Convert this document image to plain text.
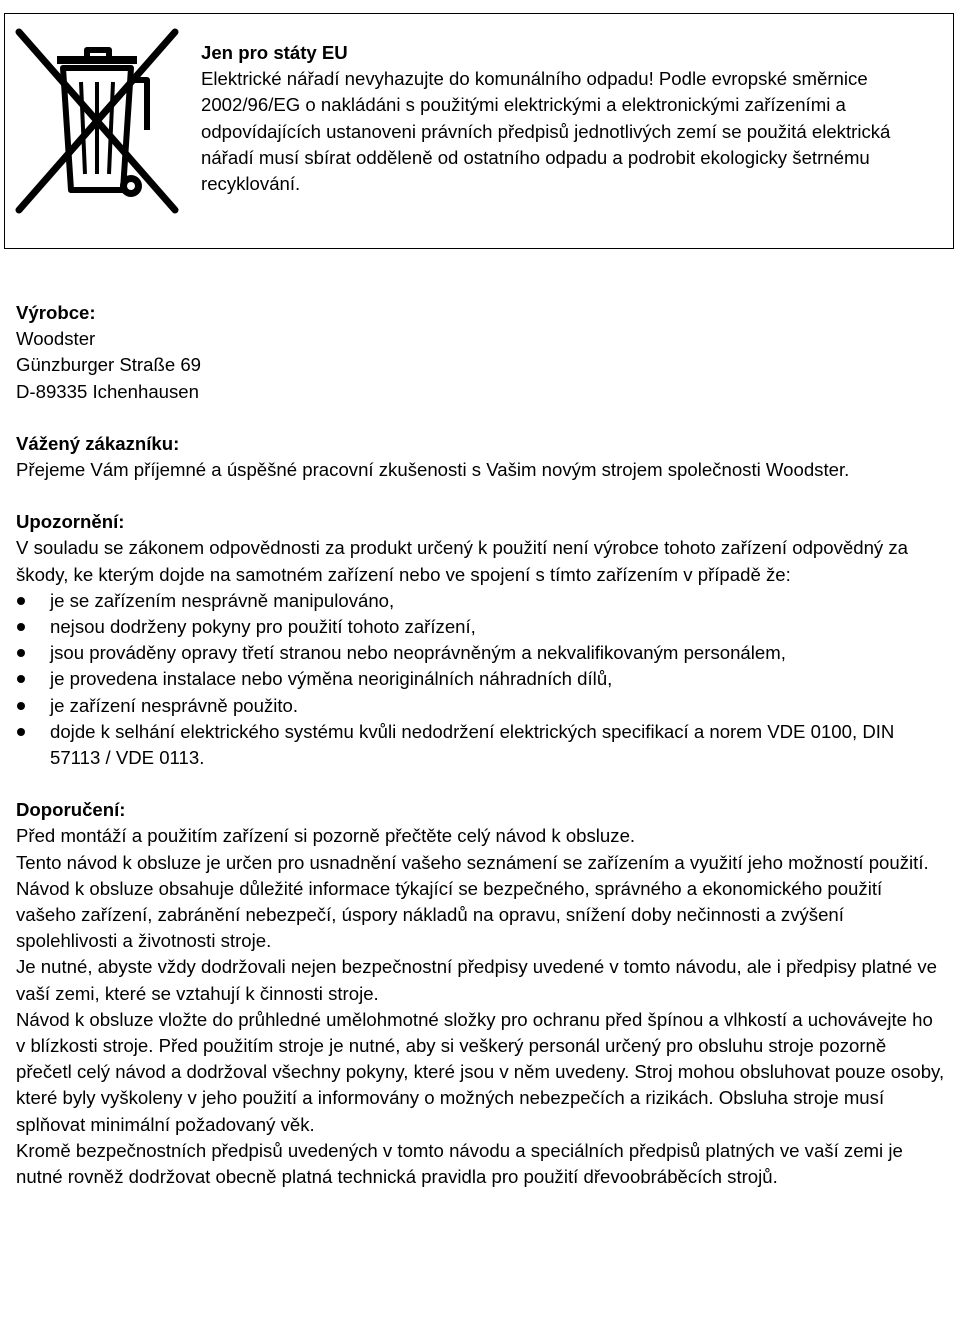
Jen pro státy EU
Elektrické nářadí nevyhazujte do komunálního odpadu! Podle evropské směrnice 2002/96/EG o nakládáni s použitými elektrickými a elektronickými zařízeními a odpovídajících ustanoveni právních předpisů jednotlivých zemí se použitá elektrická nářadí musí sbírat odděleně od ostatního odpadu a podrobit ekologicky šetrnému recyklování.
Výrobce:
Woodster
Günzburger Straße 69
D-89335 Ichenhausen
Vážený zákazníku:

Přejeme Vám příjemné a úspěšné pracovní zkušenosti s Vašim novým strojem společnosti Woodster.

Upozornění:

V souladu se zákonem odpovědnosti za produkt určený k použití není výrobce tohoto zařízení odpovědný za škody, ke kterým dojde na samotném zařízení nebo ve spojení s tímto zařízením v případě že:

je se zařízením nesprávně manipulováno,
nejsou dodrženy pokyny pro použití tohoto zařízení,
jsou prováděny opravy třetí stranou nebo neoprávněným a nekvalifikovaným personálem,
je provedena instalace nebo výměna neoriginálních náhradních dílů,
je zařízení nesprávně použito.
dojde k selhání elektrického systému kvůli nedodržení elektrických specifikací a norem VDE 0100, DIN 57113 / VDE 0113.
Doporučení:

Před montáží a použitím zařízení si pozorně přečtěte celý návod k obsluze.

Tento návod k obsluze je určen pro usnadnění vašeho seznámení se zařízením a využití jeho možností použití.

Návod k obsluze obsahuje důležité informace týkající se bezpečného, správného a ekonomického použití vašeho zařízení, zabránění nebezpečí, úspory nákladů na opravu, snížení doby nečinnosti a zvýšení spolehlivosti a životnosti stroje.

Je nutné, abyste vždy dodržovali nejen bezpečnostní předpisy uvedené v tomto návodu, ale i předpisy platné ve vaší zemi, které se vztahují k činnosti stroje.

Návod k obsluze vložte do průhledné umělohmotné složky pro ochranu před špínou a vlhkostí a uchovávejte ho v blízkosti stroje. Před použitím stroje je nutné, aby si veškerý personál určený pro obsluhu stroje pozorně přečetl celý návod a dodržoval všechny pokyny, které jsou v něm uvedeny. Stroj mohou obsluhovat pouze osoby, které byly vyškoleny v jeho použití a informovány o možných nebezpečích a rizikách. Obsluha stroje musí splňovat minimální požadovaný věk.

Kromě bezpečnostních předpisů uvedených v tomto návodu a speciálních předpisů platných ve vaší zemi je nutné rovněž dodržovat obecně platná technická pravidla pro použití dřevoobráběcích strojů.
